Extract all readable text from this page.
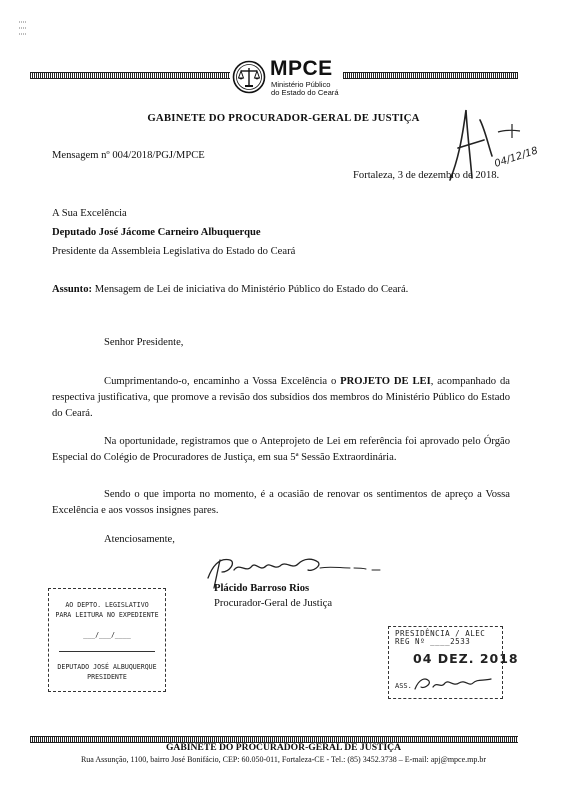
MPCE
Ministério Público
do Estado do Ceará
GABINETE DO PROCURADOR-GERAL DE JUSTIÇA
04/12/18
Mensagem nº 004/2018/PGJ/MPCE
Fortaleza, 3 de dezembro de 2018.
A Sua Excelência
Deputado José Jácome Carneiro Albuquerque
Presidente da Assembleia Legislativa do Estado do Ceará
Assunto: Mensagem de Lei de iniciativa do Ministério Público do Estado do Ceará.
Senhor Presidente,

Cumprimentando-o, encaminho a Vossa Excelência o PROJETO DE LEI, acompanhado da respectiva justificativa, que promove a revisão dos subsídios dos membros do Ministério Público do Estado do Ceará.

Na oportunidade, registramos que o Anteprojeto de Lei em referência foi aprovado pelo Órgão Especial do Colégio de Procuradores de Justiça, em sua 5ª Sessão Extraordinária.

Sendo o que importa no momento, é a ocasião de renovar os sentimentos de apreço a Vossa Excelência e aos vossos insignes pares.

Atenciosamente,
Plácido Barroso Rios
Procurador-Geral de Justiça
AO DEPTO. LEGISLATIVO
PARA LEITURA NO EXPEDIENTE
___/___/____
DEPUTADO JOSÉ ALBUQUERQUE
PRESIDENTE
PRESIDÊNCIA / ALEC
REG Nº ____2533
04 DEZ. 2018
ASS.
GABINETE DO PROCURADOR-GERAL DE JUSTIÇA
Rua Assunção, 1100, bairro José Bonifácio, CEP: 60.050-011, Fortaleza-CE - Tel.: (85) 3452.3738 – E-mail: apj@mpce.mp.br
